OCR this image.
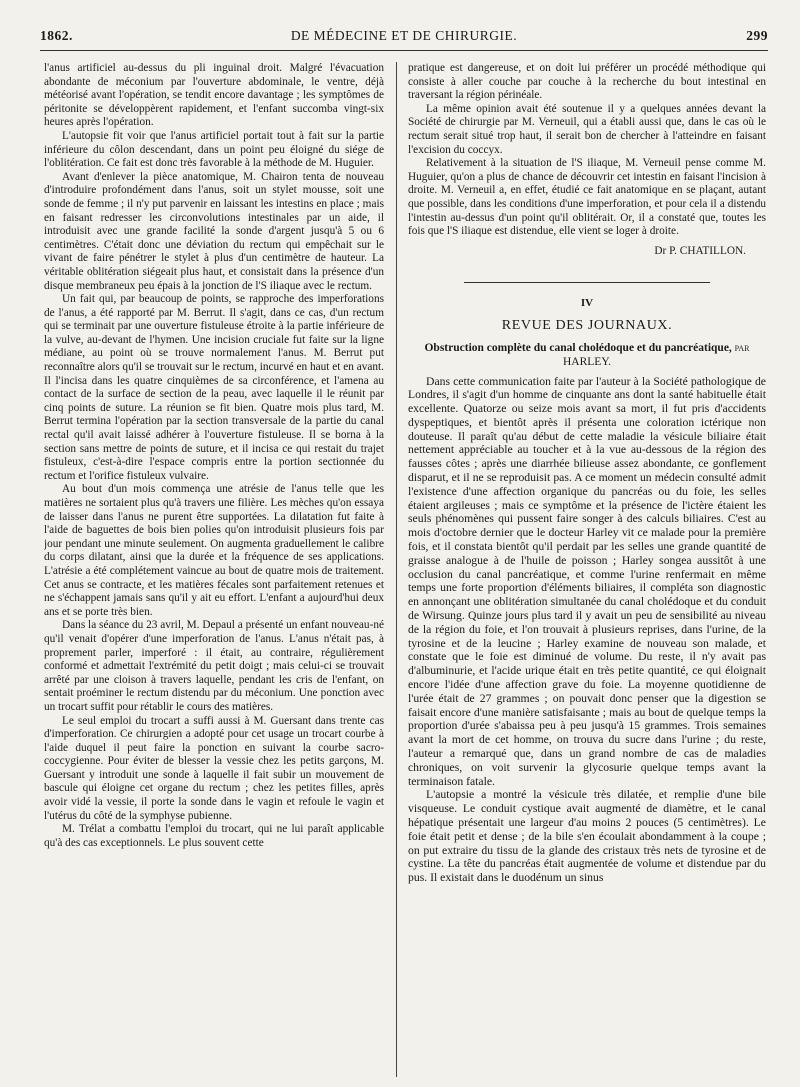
1862.	DE MÉDECINE ET DE CHIRURGIE.	299

l'anus artificiel au-dessus du pli inguinal droit. Malgré l'évacuation abondante de méconium par l'ouverture abdominale, le ventre, déjà météorisé avant l'opération, se tendit encore davantage ; les symptômes de péritonite se développèrent rapidement, et l'enfant succomba vingt-six heures après l'opération.

L'autopsie fit voir que l'anus artificiel portait tout à fait sur la partie inférieure du côlon descendant, dans un point peu éloigné du siége de l'oblitération. Ce fait est donc très favorable à la méthode de M. Huguier.

Avant d'enlever la pièce anatomique, M. Chairon tenta de nouveau d'introduire profondément dans l'anus, soit un stylet mousse, soit une sonde de femme ; il n'y put parvenir en laissant les intestins en place ; mais en faisant redresser les circonvolutions intestinales par un aide, il introduisit avec une grande facilité la sonde d'argent jusqu'à 5 ou 6 centimètres. C'était donc une déviation du rectum qui empêchait sur le vivant de faire pénétrer le stylet à plus d'un centimètre de hauteur. La véritable oblitération siégeait plus haut, et consistait dans la présence d'un disque membraneux peu épais à la jonction de l'S iliaque avec le rectum.

Un fait qui, par beaucoup de points, se rapproche des imperforations de l'anus, a été rapporté par M. Berrut. Il s'agit, dans ce cas, d'un rectum qui se terminait par une ouverture fistuleuse étroite à la partie inférieure de la vulve, au-devant de l'hymen. Une incision cruciale fut faite sur la ligne médiane, au point où se trouve normalement l'anus. M. Berrut put reconnaître alors qu'il se trouvait sur le rectum, incurvé en haut et en avant. Il l'incisa dans les quatre cinquièmes de sa circonférence, et l'amena au contact de la surface de section de la peau, avec laquelle il le réunit par cinq points de suture. La réunion se fit bien. Quatre mois plus tard, M. Berrut termina l'opération par la section transversale de la partie du canal rectal qu'il avait laissé adhérer à l'ouverture fistuleuse. Il se borna à la section sans mettre de points de suture, et il incisa ce qui restait du trajet fistuleux, c'est-à-dire l'espace compris entre la portion sectionnée du rectum et l'orifice fistuleux vulvaire.

Au bout d'un mois commença une atrésie de l'anus telle que les matières ne sortaient plus qu'à travers une filière. Les mèches qu'on essaya de laisser dans l'anus ne purent être supportées. La dilatation fut faite à l'aide de baguettes de bois bien polies qu'on introduisit plusieurs fois par jour pendant une minute seulement. On augmenta graduellement le calibre du corps dilatant, ainsi que la durée et la fréquence de ses applications. L'atrésie a été complétement vaincue au bout de quatre mois de traitement. Cet anus se contracte, et les matières fécales sont parfaitement retenues et ne s'échappent jamais sans qu'il y ait eu effort. L'enfant a aujourd'hui deux ans et se porte très bien.

Dans la séance du 23 avril, M. Depaul a présenté un enfant nouveau-né qu'il venait d'opérer d'une imperforation de l'anus. L'anus n'était pas, à proprement parler, imperforé : il était, au contraire, régulièrement conformé et admettait l'extrémité du petit doigt ; mais celui-ci se trouvait arrêté par une cloison à travers laquelle, pendant les cris de l'enfant, on sentait proéminer le rectum distendu par du méconium. Une ponction avec un trocart suffit pour rétablir le cours des matières.

Le seul emploi du trocart a suffi aussi à M. Guersant dans trente cas d'imperforation. Ce chirurgien a adopté pour cet usage un trocart courbe à l'aide duquel il peut faire la ponction en suivant la courbe sacro-coccygienne. Pour éviter de blesser la vessie chez les petits garçons, M. Guersant y introduit une sonde à laquelle il fait subir un mouvement de bascule qui éloigne cet organe du rectum ; chez les petites filles, après avoir vidé la vessie, il porte la sonde dans le vagin et refoule le vagin et l'utérus du côté de la symphyse pubienne.

M. Trélat a combattu l'emploi du trocart, qui ne lui paraît applicable qu'à des cas exceptionnels. Le plus souvent cette

pratique est dangereuse, et on doit lui préférer un procédé méthodique qui consiste à aller couche par couche à la recherche du bout intestinal en traversant la région périnéale.

La même opinion avait été soutenue il y a quelques années devant la Société de chirurgie par M. Verneuil, qui a établi aussi que, dans le cas où le rectum serait situé trop haut, il serait bon de chercher à l'atteindre en faisant l'excision du coccyx.

Relativement à la situation de l'S iliaque, M. Verneuil pense comme M. Huguier, qu'on a plus de chance de découvrir cet intestin en faisant l'incision à droite. M. Verneuil a, en effet, étudié ce fait anatomique en se plaçant, autant que possible, dans les conditions d'une imperforation, et pour cela il a distendu l'intestin au-dessus d'un point qu'il oblitérait. Or, il a constaté que, toutes les fois que l'S iliaque est distendue, elle vient se loger à droite.

Dr P. CHATILLON.
IV
REVUE DES JOURNAUX.
Obstruction complète du canal cholédoque et du pancréatique, par HARLEY.

Dans cette communication faite par l'auteur à la Société pathologique de Londres, il s'agit d'un homme de cinquante ans dont la santé habituelle était excellente. Quatorze ou seize mois avant sa mort, il fut pris d'accidents dyspeptiques, et bientôt après il présenta une coloration ictérique non douteuse. Il paraît qu'au début de cette maladie la vésicule biliaire était nettement appréciable au toucher et à la vue au-dessous de la région des fausses côtes ; après une diarrhée bilieuse assez abondante, ce gonflement disparut, et il ne se reproduisit pas. A ce moment un médecin consulté admit l'existence d'une affection organique du pancréas ou du foie, les selles étaient argileuses ; mais ce symptôme et la présence de l'ictère étaient les seuls phénomènes qui pussent faire songer à des calculs biliaires. C'est au mois d'octobre dernier que le docteur Harley vit ce malade pour la première fois, et il constata bientôt qu'il perdait par les selles une grande quantité de graisse analogue à de l'huile de poisson ; Harley songea aussitôt à une occlusion du canal pancréatique, et comme l'urine renfermait en même temps une forte proportion d'éléments biliaires, il compléta son diagnostic en annonçant une oblitération simultanée du canal cholédoque et du conduit de Wirsung. Quinze jours plus tard il y avait un peu de sensibilité au niveau de la région du foie, et l'on trouvait à plusieurs reprises, dans l'urine, de la tyrosine et de la leucine ; Harley examine de nouveau son malade, et constate que le foie est diminué de volume. Du reste, il n'y avait pas d'albuminurie, et l'acide urique était en très petite quantité, ce qui éloignait encore l'idée d'une affection grave du foie. La moyenne quotidienne de l'urée était de 27 grammes ; on pouvait donc penser que la digestion se faisait encore d'une manière satisfaisante ; mais au bout de quelque temps la proportion d'urée s'abaissa peu à peu jusqu'à 15 grammes. Trois semaines avant la mort de cet homme, on trouva du sucre dans l'urine ; du reste, l'auteur a remarqué que, dans un grand nombre de cas de maladies chroniques, on voit survenir la glycosurie quelque temps avant la terminaison fatale.

L'autopsie a montré la vésicule très dilatée, et remplie d'une bile visqueuse. Le conduit cystique avait augmenté de diamètre, et le canal hépatique présentait une largeur d'au moins 2 pouces (5 centimètres). Le foie était petit et dense ; de la bile s'en écoulait abondamment à la coupe ; on put extraire du tissu de la glande des cristaux très nets de tyrosine et de cystine. La tête du pancréas était augmentée de volume et distendue par du pus. Il existait dans le duodénum un sinus
